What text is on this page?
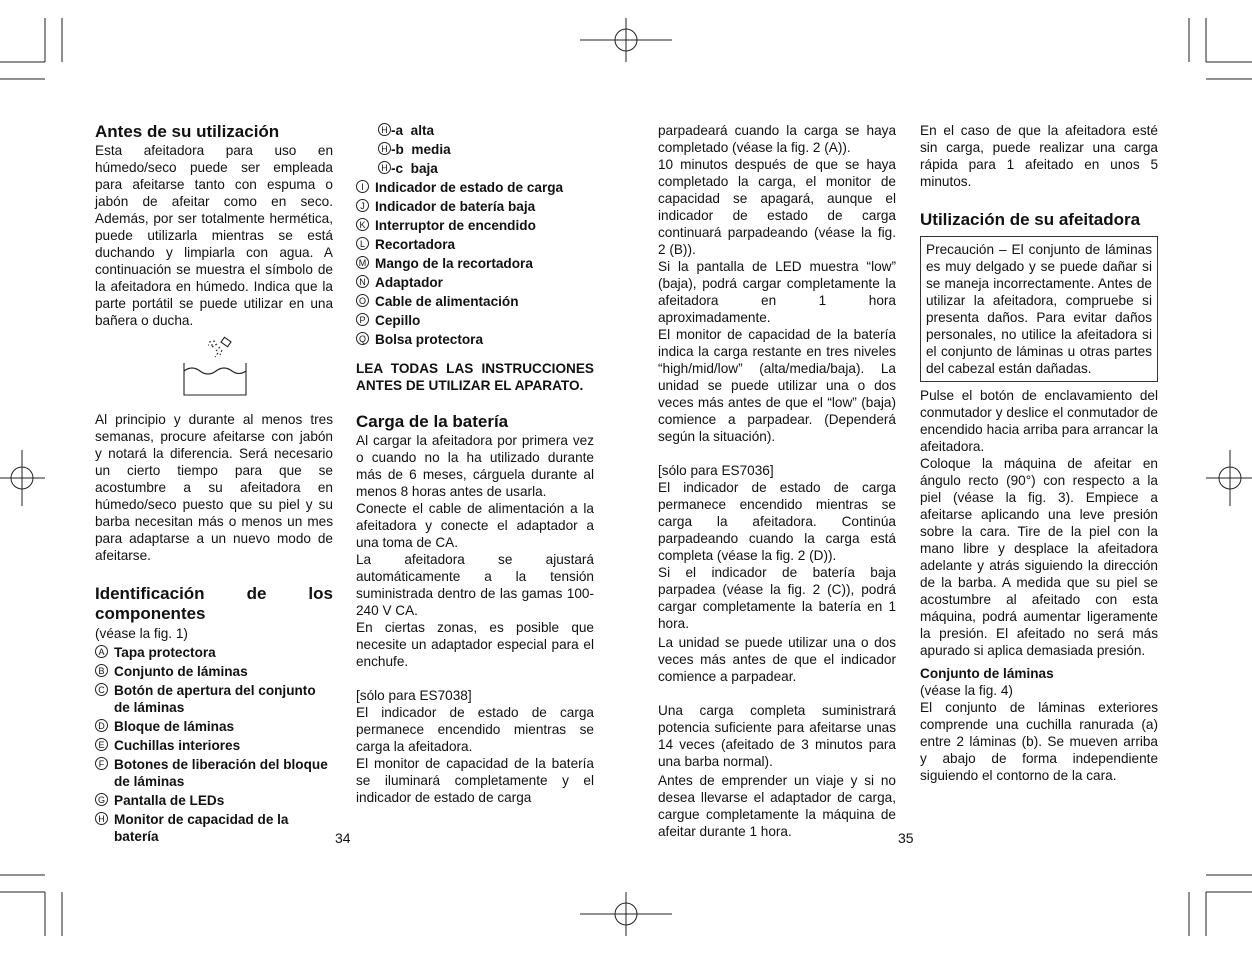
Antes de su utilización

Esta afeitadora para uso en húmedo/seco puede ser empleada para afeitarse tanto con espuma o jabón de afeitar como en seco. Además, por ser totalmente hermética, puede utilizarla mientras se está duchando y limpiarla con agua. A continuación se muestra el símbolo de la afeitadora en húmedo. Indica que la parte portátil se puede utilizar en una bañera o ducha.

Al principio y durante al menos tres semanas, procure afeitarse con jabón y notará la diferencia. Será necesario un cierto tiempo para que se acostumbre a su afeitadora en húmedo/seco puesto que su piel y su barba necesitan más o menos un mes para adaptarse a un nuevo modo de afeitarse.

Identificación de los componentes

(véase la fig. 1)

A Tapa protectora
B Conjunto de láminas
C Botón de apertura del conjunto de láminas
D Bloque de láminas
E Cuchillas interiores
F Botones de liberación del bloque de láminas
G Pantalla de LEDs
H Monitor de capacidad de la batería
H -a  alta
H -b  media
H -c  baja
I Indicador de estado de carga
J Indicador de batería baja
K Interruptor de encendido
L Recortadora
M Mango de la recortadora
N Adaptador
O Cable de alimentación
P Cepillo
Q Bolsa protectora

LEA TODAS LAS INSTRUCCIONES ANTES DE UTILIZAR EL APARATO.

Carga de la batería

Al cargar la afeitadora por primera vez o cuando no la ha utilizado durante más de 6 meses, cárguela durante al menos 8 horas antes de usarla.

Conecte el cable de alimentación a la afeitadora y conecte el adaptador a una toma de CA.

La afeitadora se ajustará automáticamente a la tensión suministrada dentro de las gamas 100-240 V CA.

En ciertas zonas, es posible que necesite un adaptador especial para el enchufe.

[sólo para ES7038]

El indicador de estado de carga permanece encendido mientras se carga la afeitadora.

El monitor de capacidad de la batería se iluminará completamente y el indicador de estado de carga

34

parpadeará cuando la carga se haya completado (véase la fig. 2 (A)).

10 minutos después de que se haya completado la carga, el monitor de capacidad se apagará, aunque el indicador de estado de carga continuará parpadeando (véase la fig. 2 (B)).

Si la pantalla de LED muestra “low” (baja), podrá cargar completamente la afeitadora en 1 hora aproximadamente.

El monitor de capacidad de la batería indica la carga restante en tres niveles “high/mid/low” (alta/media/baja). La unidad se puede utilizar una o dos veces más antes de que el “low” (baja) comience a parpadear. (Dependerá según la situación).

[sólo para ES7036]

El indicador de estado de carga permanece encendido mientras se carga la afeitadora. Continúa parpadeando cuando la carga está completa (véase la fig. 2 (D)).

Si el indicador de batería baja parpadea (véase la fig. 2 (C)), podrá cargar completamente la batería en 1 hora.

La unidad se puede utilizar una o dos veces más antes de que el indicador comience a parpadear.

Una carga completa suministrará potencia suficiente para afeitarse unas 14 veces (afeitado de 3 minutos para una barba normal).

Antes de emprender un viaje y si no desea llevarse el adaptador de carga, cargue completamente la máquina de afeitar durante 1 hora.

En el caso de que la afeitadora esté sin carga, puede realizar una carga rápida para 1 afeitado en unos 5 minutos.

Utilización de su afeitadora

Precaución – El conjunto de láminas es muy delgado y se puede dañar si se maneja incorrectamente. Antes de utilizar la afeitadora, compruebe si presenta daños. Para evitar daños personales, no utilice la afeitadora si el conjunto de láminas u otras partes del cabezal están dañadas.

Pulse el botón de enclavamiento del conmutador y deslice el conmutador de encendido hacia arriba para arrancar la afeitadora.

Coloque la máquina de afeitar en ángulo recto (90°) con respecto a la piel (véase la fig. 3). Empiece a afeitarse aplicando una leve presión sobre la cara. Tire de la piel con la mano libre y desplace la afeitadora adelante y atrás siguiendo la dirección de la barba. A medida que su piel se acostumbre al afeitado con esta máquina, podrá aumentar ligeramente la presión. El afeitado no será más apurado si aplica demasiada presión.

Conjunto de láminas

(véase la fig. 4)

El conjunto de láminas exteriores comprende una cuchilla ranurada (a) entre 2 láminas (b). Se mueven arriba y abajo de forma independiente siguiendo el contorno de la cara.

35
